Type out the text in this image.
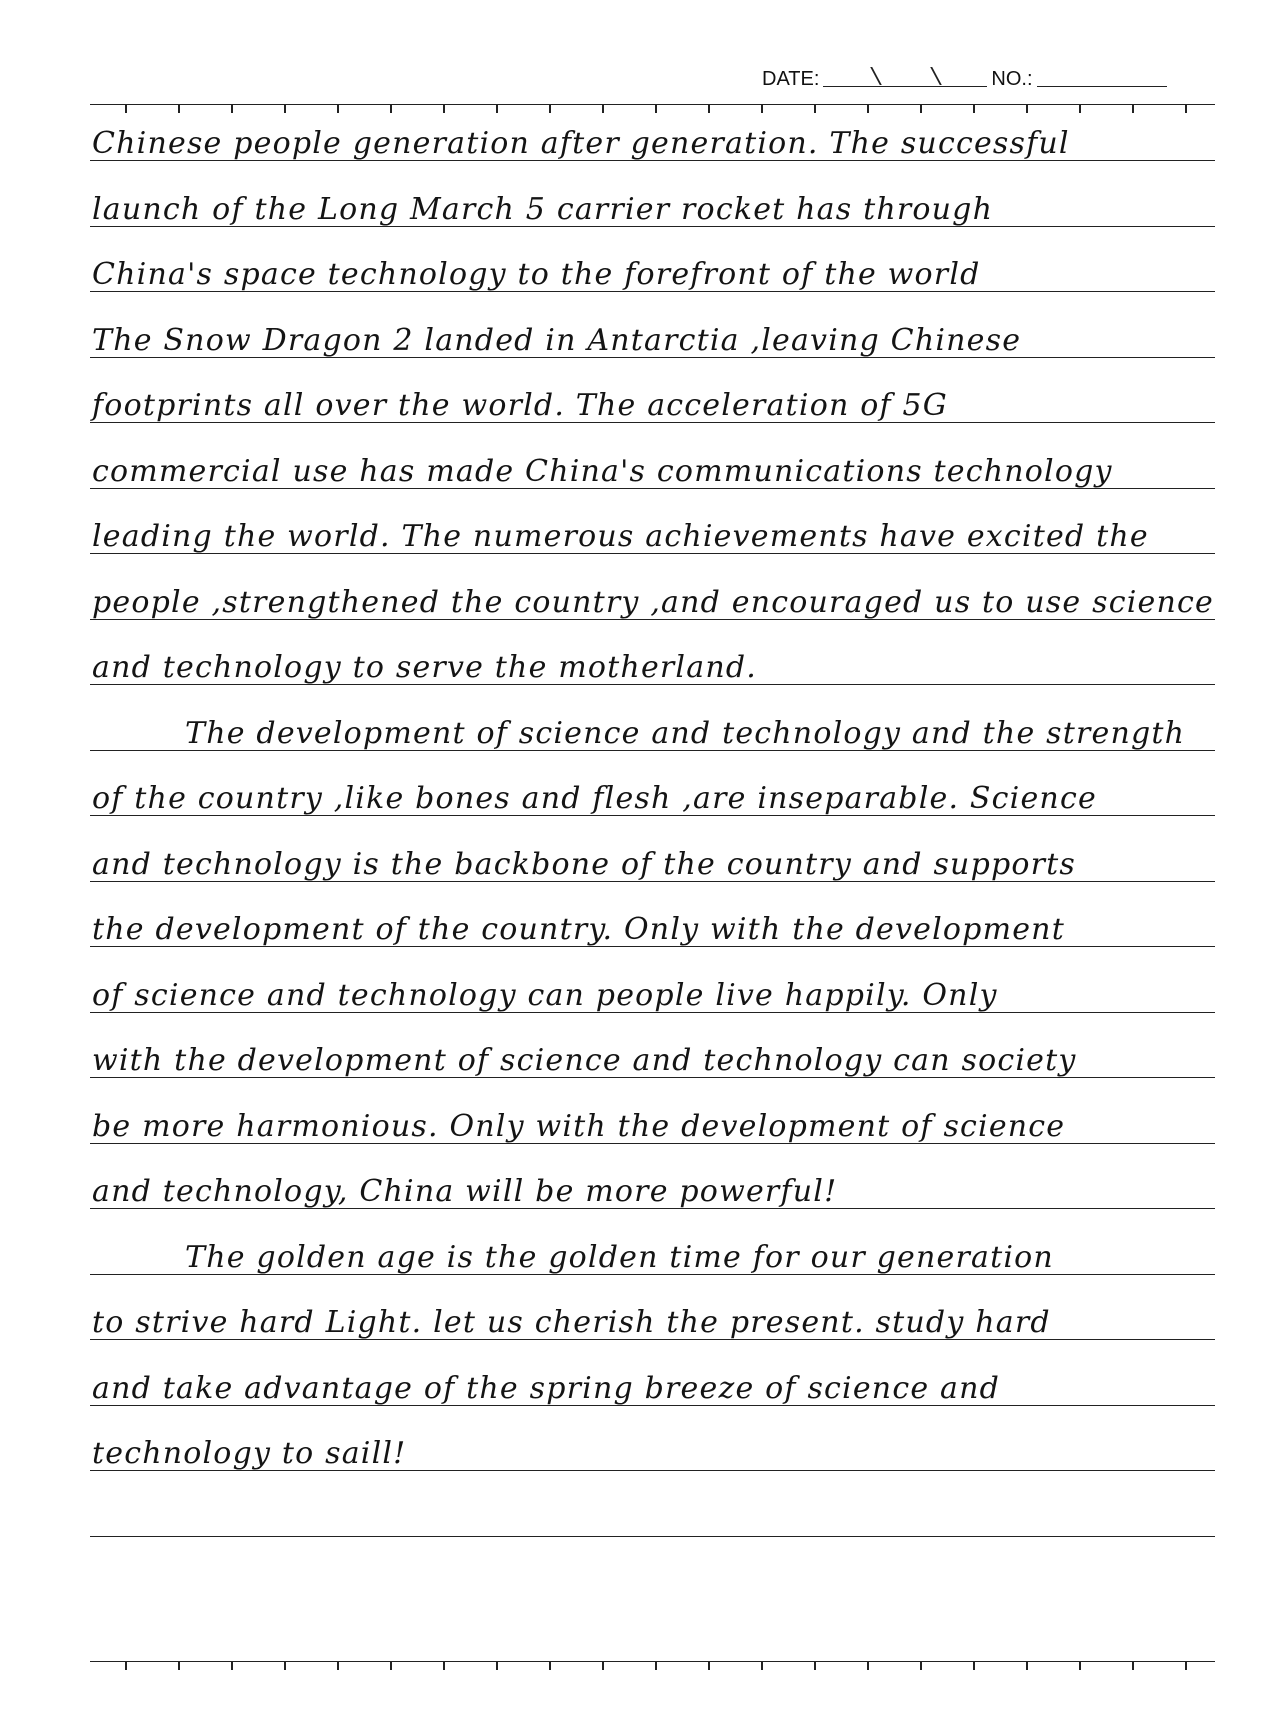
DATE:	NO.:
Chinese people generation after generation. The successful
launch of the Long March 5 carrier rocket has through
China's space technology to the forefront of the world
The Snow Dragon 2 landed in Antarctia ,leaving Chinese
footprints all over the world. The acceleration of 5G
commercial use has made China's communications technology
leading the world. The numerous achievements have excited the
people ,strengthened the country ,and encouraged us to use science
and technology to serve the motherland.
The development of science and technology and the strength
of the country ,like bones and flesh ,are inseparable. Science
and technology is the backbone of the country and supports
the development of the country. Only with the development
of science and technology can people live happily. Only
with the development of science and technology can society
be more harmonious. Only with the development of science
and technology, China will be more powerful!
The golden age is the golden time for our generation
to strive hard Light. let us cherish the present. study hard
and take advantage of the spring breeze of science and
technology to saill!
